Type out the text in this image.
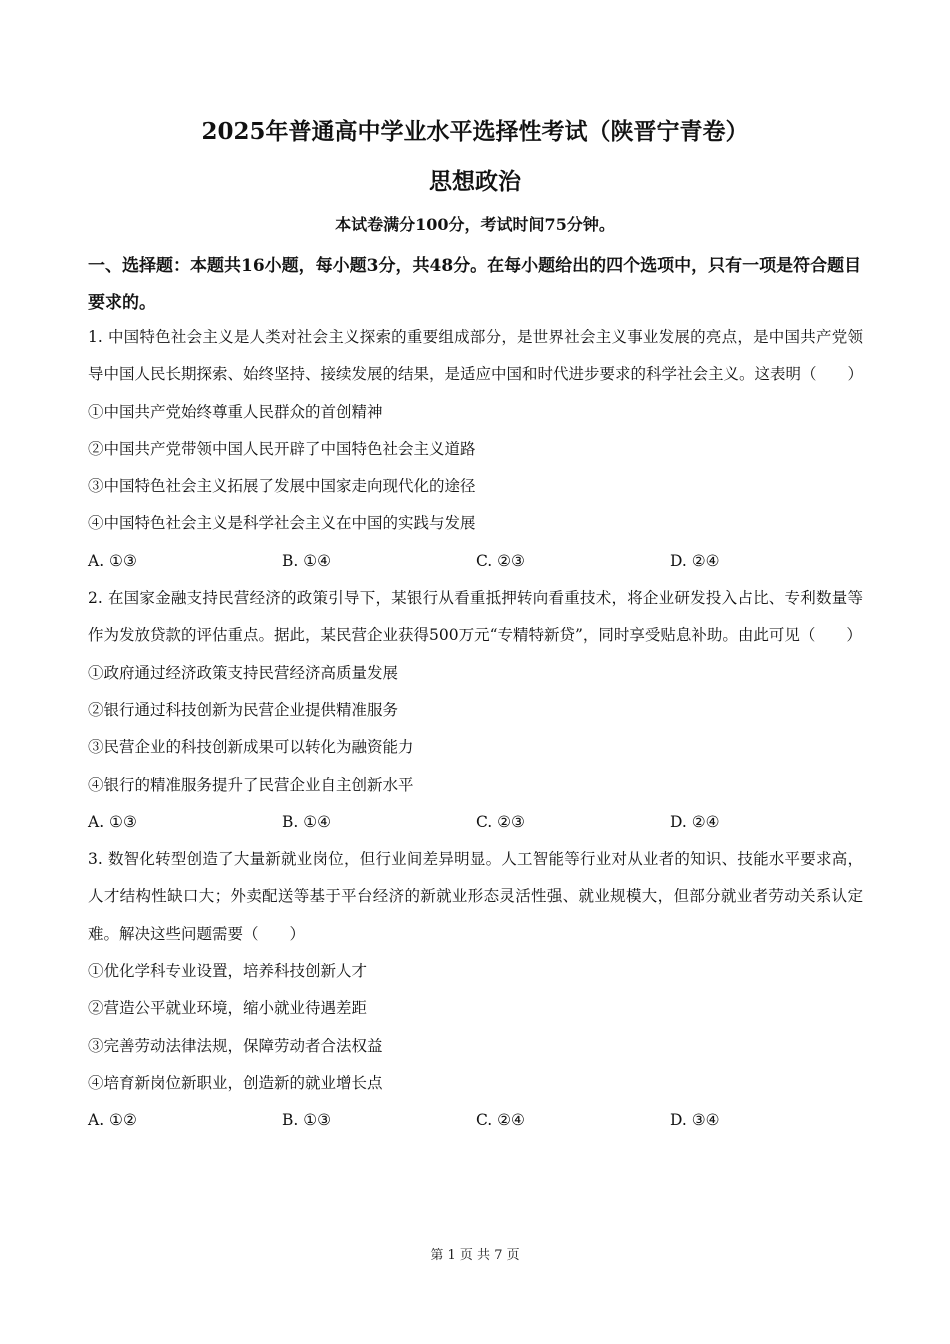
2025年普通高中学业水平选择性考试（陕晋宁青卷）
思想政治
本试卷满分100分，考试时间75分钟。
一、选择题：本题共16小题，每小题3分，共48分。在每小题给出的四个选项中，只有一项是符合题目要求的。
1. 中国特色社会主义是人类对社会主义探索的重要组成部分，是世界社会主义事业发展的亮点，是中国共产党领导中国人民长期探索、始终坚持、接续发展的结果，是适应中国和时代进步要求的科学社会主义。这表明（　　）
①中国共产党始终尊重人民群众的首创精神
②中国共产党带领中国人民开辟了中国特色社会主义道路
③中国特色社会主义拓展了发展中国家走向现代化的途径
④中国特色社会主义是科学社会主义在中国的实践与发展
A. ①③	B. ①④	C. ②③	D. ②④
2. 在国家金融支持民营经济的政策引导下，某银行从看重抵押转向看重技术，将企业研发投入占比、专利数量等作为发放贷款的评估重点。据此，某民营企业获得500万元“专精特新贷”，同时享受贴息补助。由此可见（　　）
①政府通过经济政策支持民营经济高质量发展
②银行通过科技创新为民营企业提供精准服务
③民营企业的科技创新成果可以转化为融资能力
④银行的精准服务提升了民营企业自主创新水平
A. ①③	B. ①④	C. ②③	D. ②④
3. 数智化转型创造了大量新就业岗位，但行业间差异明显。人工智能等行业对从业者的知识、技能水平要求高，人才结构性缺口大；外卖配送等基于平台经济的新就业形态灵活性强、就业规模大，但部分就业者劳动关系认定难。解决这些问题需要（　　）
①优化学科专业设置，培养科技创新人才
②营造公平就业环境，缩小就业待遇差距
③完善劳动法律法规，保障劳动者合法权益
④培育新岗位新职业，创造新的就业增长点
A. ①②	B. ①③	C. ②④	D. ③④
第 1 页 共 7 页
